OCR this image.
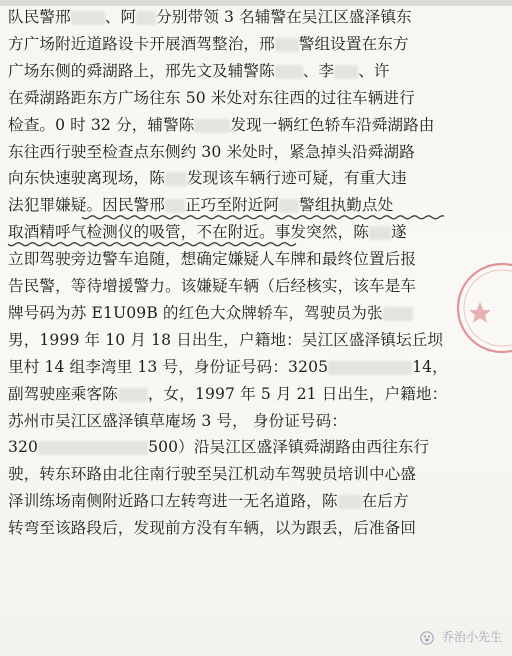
队民警邢 、阿 分别带领 3 名辅警在吴江区盛泽镇东
方广场附近道路设卡开展酒驾整治，邢 警组设置在东方
广场东侧的舜湖路上，邢先文及辅警陈 、李 、许
在舜湖路距东方广场往东 50 米处对东往西的过往车辆进行
检查。0 时 32 分，辅警陈 发现一辆红色轿车沿舜湖路由
东往西行驶至检查点东侧约 30 米处时，紧急掉头沿舜湖路
向东快速驶离现场，陈 发现该车辆行迹可疑，有重大违
法犯罪嫌疑。因民警邢 正巧至附近阿 警组执勤点处
取酒精呼气检测仪的吸管，不在附近。事发突然，陈 遂
立即驾驶旁边警车追随，想确定嫌疑人车牌和最终位置后报
告民警，等待增援警力。该嫌疑车辆（后经核实，该车是车
牌号码为苏 E1U09B 的红色大众牌轿车，驾驶员为张
男，1999 年 10 月 18 日出生，户籍地：吴江区盛泽镇坛丘坝
里村 14 组李湾里 13 号，身份证号码：3205	14，
副驾驶座乘客陈 ，女，1997 年 5 月 21 日出生，户籍地：
苏州市吴江区盛泽镇草庵场 3 号， 身份证号码：
320	500）沿吴江区盛泽镇舜湖路由西往东行
驶，转东环路由北往南行驶至吴江机动车驾驶员培训中心盛
泽训练场南侧附近路口左转弯进一无名道路，陈 在后方
转弯至该路段后，发现前方没有车辆，以为跟丢，后准备回
乔治小先生
